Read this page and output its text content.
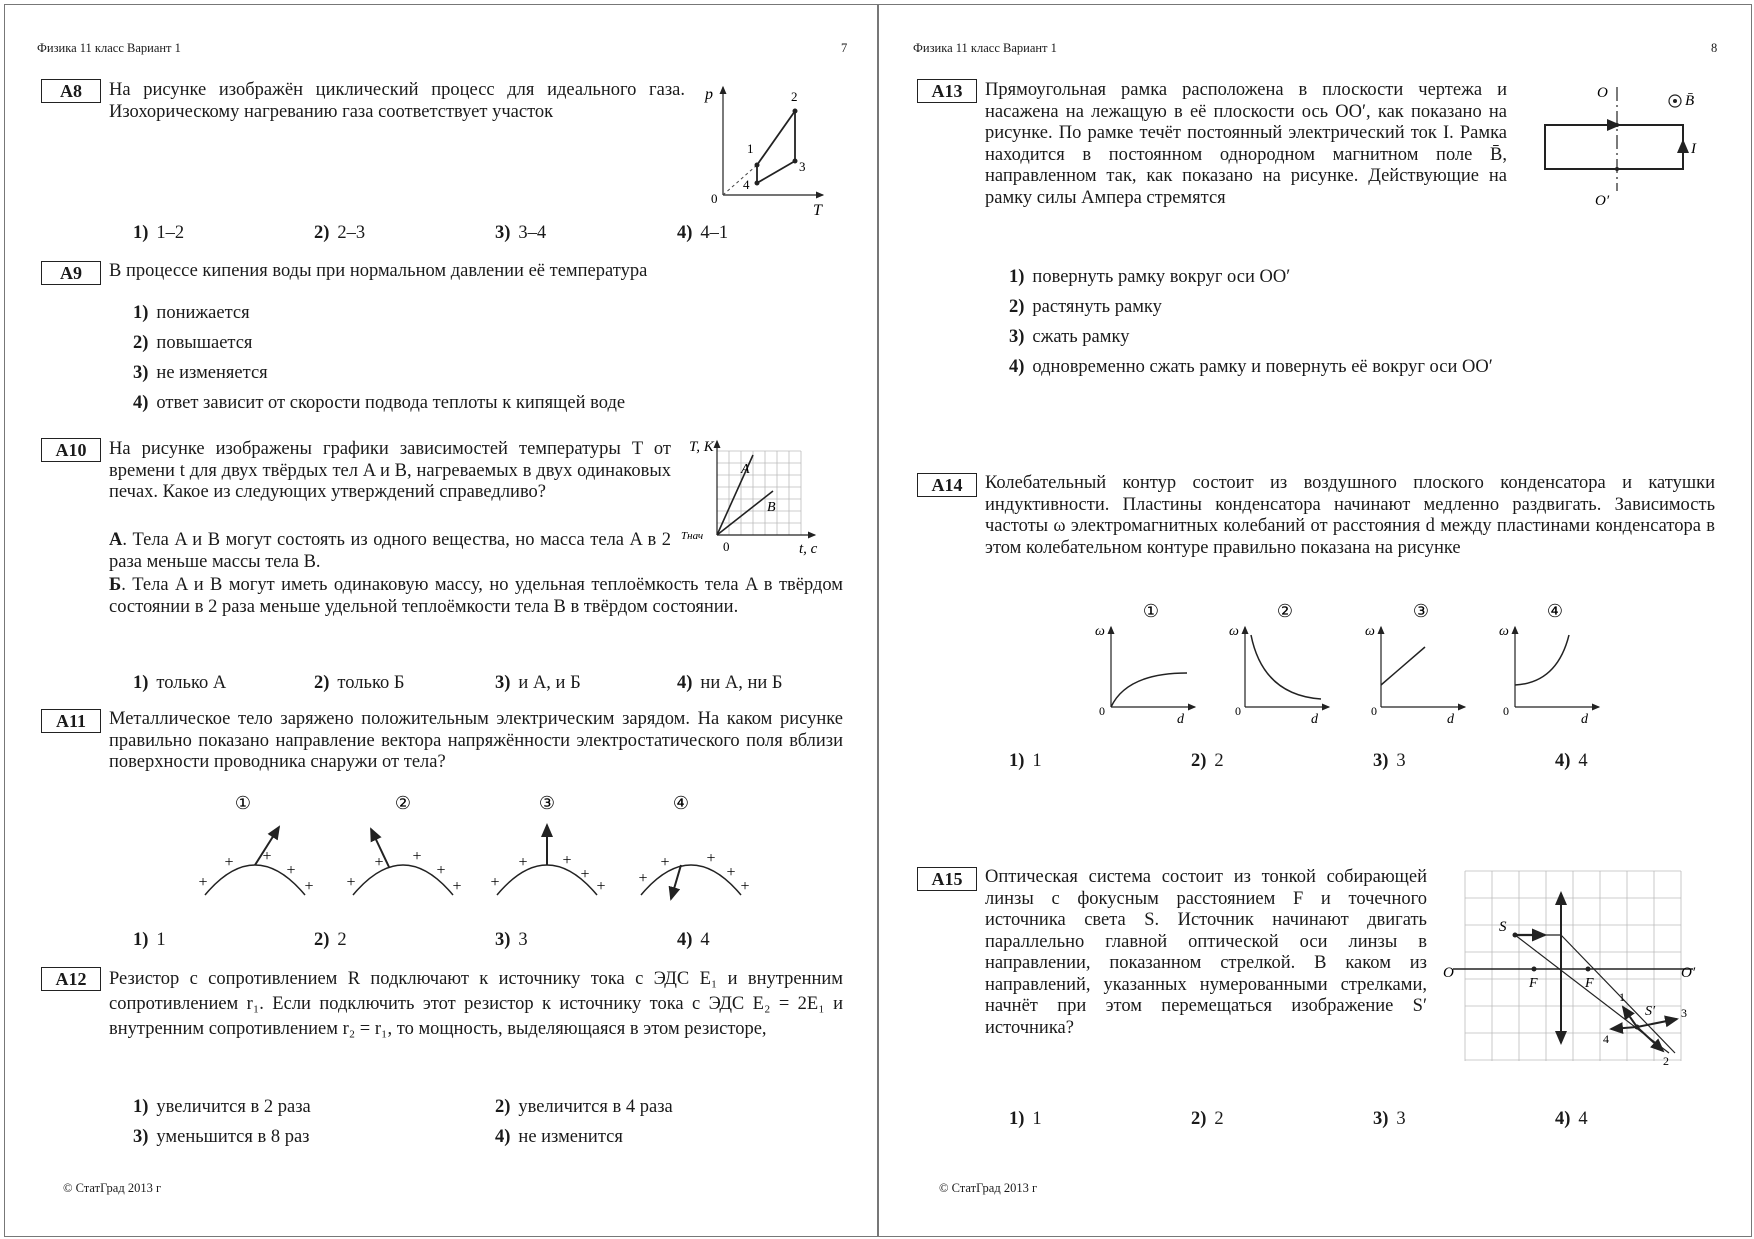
Физика 11 класс Вариант 1	7
А8	На рисунке изображён циклический процесс для идеального газа. Изохорическому нагреванию газа соответствует участок
p
T
0
1
2
3
4
1) 1–2	2) 2–3	3) 3–4	4) 4–1
А9	В процессе кипения воды при нормальном давлении её температура
1) понижается
2) повышается
3) не изменяется
4) ответ зависит от скорости подвода теплоты к кипящей воде
А10	На рисунке изображены графики зависимостей температуры T от времени t для двух твёрдых тел A и B, нагреваемых в двух одинаковых печах. Какое из следующих утверждений справедливо?
А. Тела A и B могут состоять из одного вещества, но масса тела A в 2 раза меньше массы тела B.
Б. Тела A и B могут иметь одинаковую массу, но удельная теплоёмкость тела A в твёрдом состоянии в 2 раза меньше удельной теплоёмкости тела B в твёрдом состоянии.
T, К
t, с
0
Tнач
A
B
1) только А	2) только Б	3) и А, и Б	4) ни А, ни Б
А11	Металлическое тело заряжено положительным электрическим зарядом. На каком рисунке правильно показано направление вектора напряжённости электростатического поля вблизи поверхности проводника снаружи от тела?
①
+
+ +
+
+
②
+
+ +
+
+
③
+
+ +
+
+
④
+
+ +
+
+
1) 1	2) 2	3) 3	4) 4
А12	Резистор с сопротивлением R подключают к источнику тока с ЭДС E₁ и внутренним сопротивлением r₁. Если подключить этот резистор к источнику тока с ЭДС E₂ = 2E₁ и внутренним сопротивлением r₂ = r₁, то мощность, выделяющаяся в этом резисторе,
1) увеличится в 2 раза	2) увеличится в 4 раза
3) уменьшится в 8 раз	4) не изменится
© СтатГрад 2013 г
Физика 11 класс Вариант 1	8
А13	Прямоугольная рамка расположена в плоскости чертежа и насажена на лежащую в её плоскости ось OO′, как показано на рисунке. По рамке течёт постоянный электрический ток I. Рамка находится в постоянном однородном магнитном поле B̄, направленном так, как показано на рисунке. Действующие на рамку силы Ампера стремятся
O
O′
I
B̄
1) повернуть рамку вокруг оси OO′
2) растянуть рамку
3) сжать рамку
4) одновременно сжать рамку и повернуть её вокруг оси OO′
А14	Колебательный контур состоит из воздушного плоского конденсатора и катушки индуктивности. Пластины конденсатора начинают медленно раздвигать. Зависимость частоты ω электромагнитных колебаний от расстояния d между пластинами конденсатора в этом колебательном контуре правильно показана на рисунке
①
ω
d
0
②
ω
d
0
③
ω
d
0
④
ω
d
0
1) 1	2) 2	3) 3	4) 4
А15	Оптическая система состоит из тонкой собирающей линзы с фокусным расстоянием F и точечного источника света S. Источник начинают двигать параллельно главной оптической оси линзы в направлении, показанном стрелкой. В каком из направлений, указанных нумерованными стрелками, начнёт при этом перемещаться изображение S′ источника?
O	O′
F	F
S
S′
1
2
3
4
1) 1	2) 2	3) 3	4) 4
© СтатГрад 2013 г
